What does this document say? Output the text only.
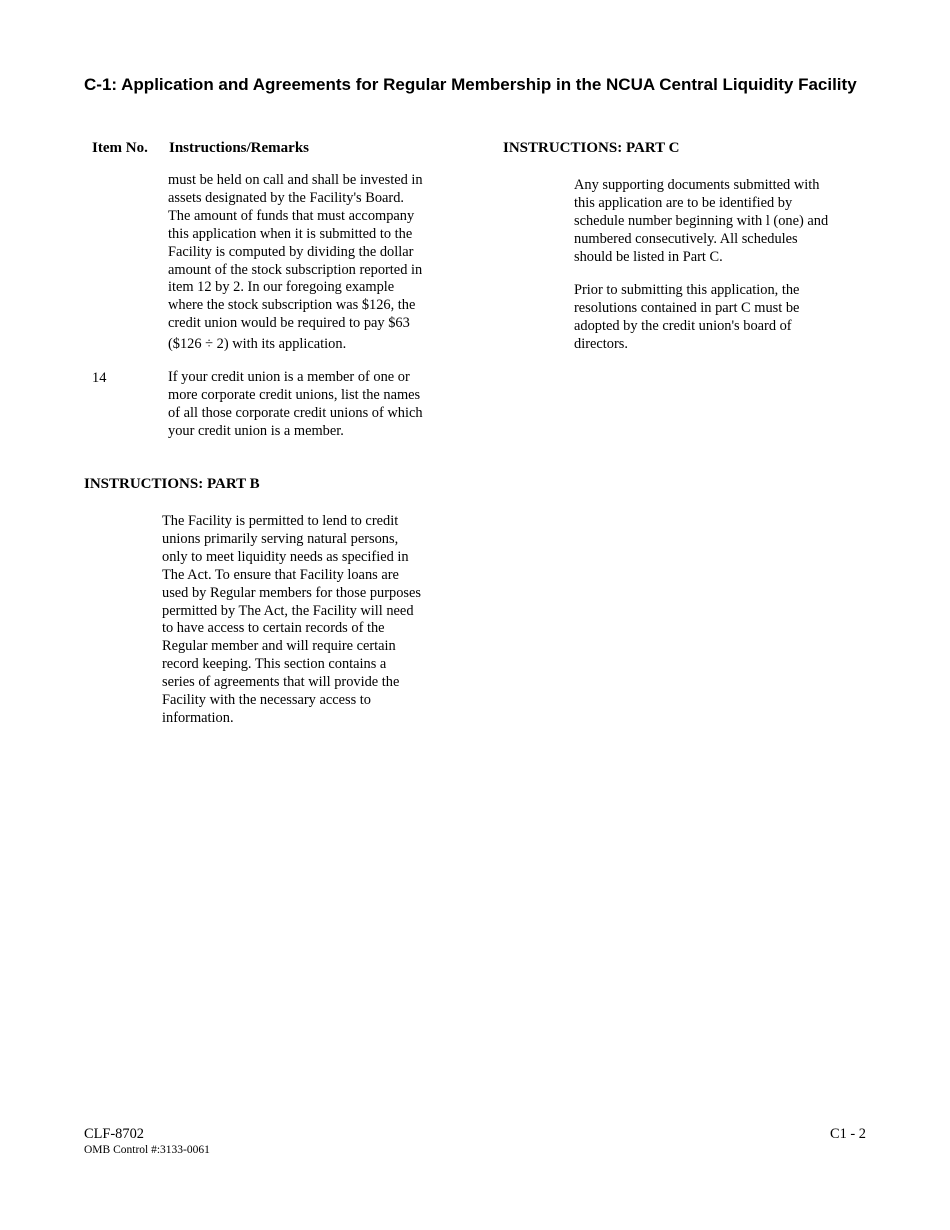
C-1: Application and Agreements for Regular Membership in the NCUA Central Liquidity Facility
Item No. Instructions/Remarks

must be held on call and shall be invested in

assets designated by the Facility's Board.

The amount of funds that must accompany

this application when it is submitted to the

Facility is computed by dividing the dollar

amount of the stock subscription reported in

item 12 by 2. In our foregoing example

where the stock subscription was $126, the

credit union would be required to pay $63

($126 ÷ 2) with its application.

14	If your credit union is a member of one or

more corporate credit unions, list the names

of all those corporate credit unions of which

your credit union is a member.

INSTRUCTIONS: PART B

The Facility is permitted to lend to credit

unions primarily serving natural persons,

only to meet liquidity needs as specified in

The Act. To ensure that Facility loans are

used by Regular members for those purposes

permitted by The Act, the Facility will need

to have access to certain records of the

Regular member and will require certain

record keeping. This section contains a

series of agreements that will provide the

Facility with the necessary access to

information.

INSTRUCTIONS: PART C

Any supporting documents submitted with

this application are to be identified by

schedule number beginning with l (one) and

numbered consecutively. All schedules

should be listed in Part C.

Prior to submitting this application, the

resolutions contained in part C must be

adopted by the credit union's board of

directors.

CLF-8702
OMB Control #:3133-0061
C1 - 2
